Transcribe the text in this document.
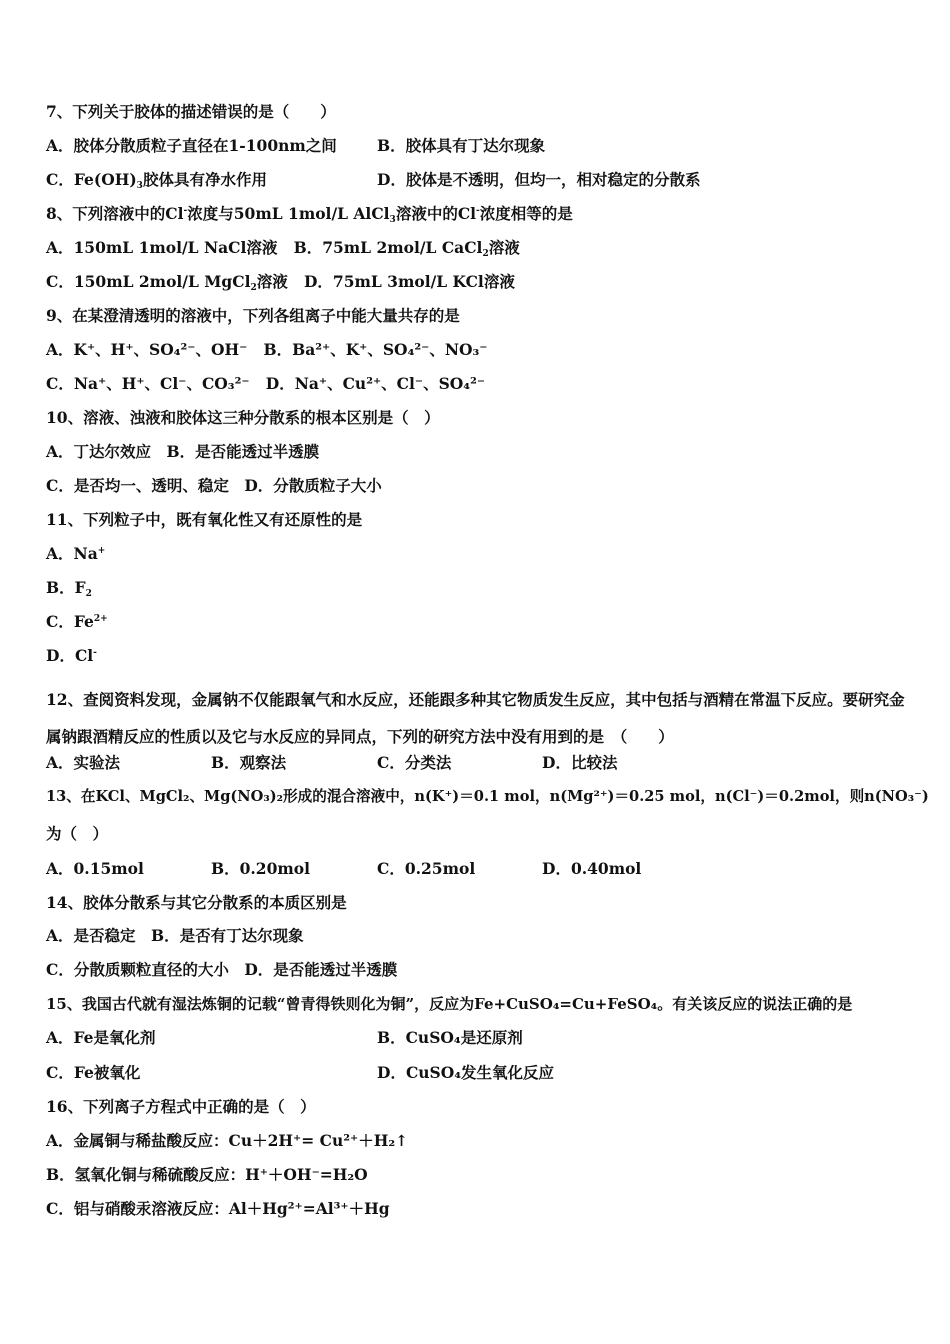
7、下列关于胶体的描述错误的是（　　）
A．胶体分散质粒子直径在1-100nm之间	B．胶体具有丁达尔现象
C．$Fe(OH)_3$胶体具有净水作用	D．胶体是不透明，但均一，相对稳定的分散系
8、下列溶液中的Cl-浓度与50mL 1mol/L AlCl$_3$溶液中的Cl-浓度相等的是
A．150mL 1mol/L NaCl溶液 B．75mL 2mol/L CaCl$_2$溶液
C．150mL 2mol/L MgCl$_2$溶液 D．75mL 3mol/L KCl溶液
9、在某澄清透明的溶液中，下列各组离子中能大量共存的是
A．K⁺、H⁺、SO₄²⁻、OH⁻ B．Ba²⁺、K⁺、SO₄²⁻、NO₃⁻
C．Na⁺、H⁺、Cl⁻、CO₃²⁻ D．Na⁺、Cu²⁺、Cl⁻、SO₄²⁻
10、溶液、浊液和胶体这三种分散系的根本区别是（　）
A．丁达尔效应　B．是否能透过半透膜
C．是否均一、透明、稳定　D．分散质粒子大小
11、下列粒子中，既有氧化性又有还原性的是
A．Na+
B．$F_2$
C．$Fe^{2+}$
D．Cl-
12、查阅资料发现，金属钠不仅能跟氧气和水反应，还能跟多种其它物质发生反应，其中包括与酒精在常温下反应。要研究金属钠跟酒精反应的性质以及它与水反应的异同点，下列的研究方法中没有用到的是　（　　）
A．实验法	B．观察法	C．分类法	D．比较法
13、在KCl、MgCl₂、Mg(NO₃)₂形成的混合溶液中，n(K⁺)＝0.1 mol，n(Mg²⁺)＝0.25 mol，n(Cl⁻)＝0.2mol，则n(NO₃⁻)
为（　）
A．0.15mol	B．0.20mol	C．0.25mol	D．0.40mol
14、胶体分散系与其它分散系的本质区别是
A．是否稳定　B．是否有丁达尔现象
C．分散质颗粒直径的大小　D．是否能透过半透膜
15、我国古代就有湿法炼铜的记载“曾青得铁则化为铜”，反应为Fe+CuSO₄=Cu+FeSO₄。有关该反应的说法正确的是
A．Fe是氧化剂	B．CuSO₄是还原剂
C．Fe被氧化	D．CuSO₄发生氧化反应
16、下列离子方程式中正确的是（　）
A．金属铜与稀盐酸反应：Cu＋2H⁺= Cu²⁺＋H₂↑
B．氢氧化铜与稀硫酸反应：H⁺＋OH⁻=H₂O
C．铝与硝酸汞溶液反应：Al＋Hg²⁺=Al³⁺＋Hg
